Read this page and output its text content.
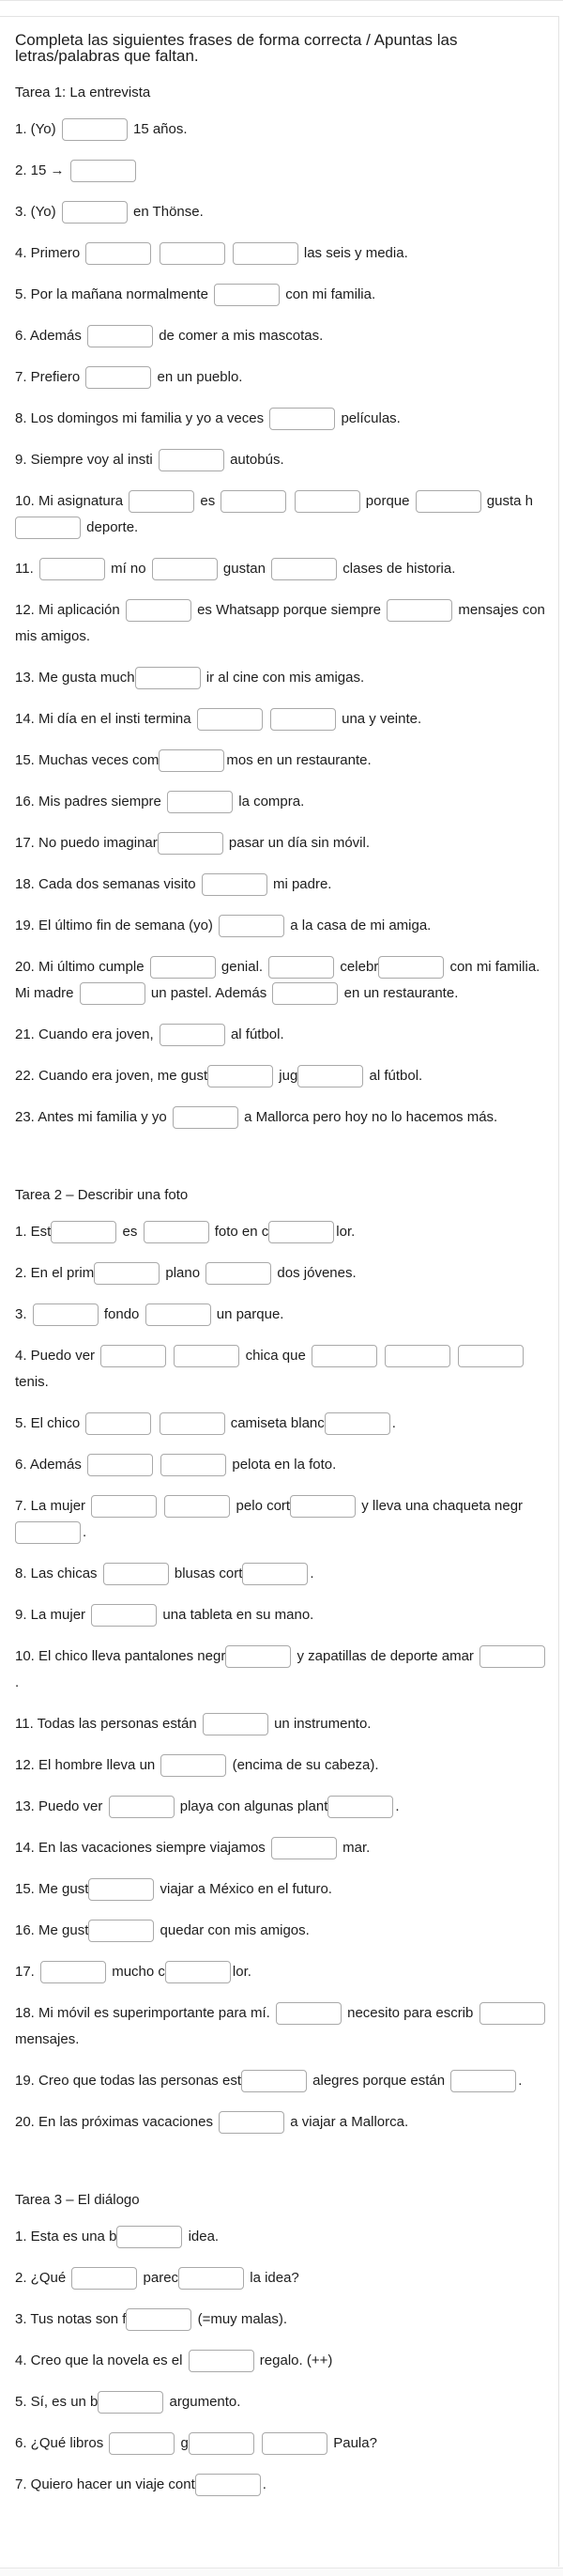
Completa las siguientes frases de forma correcta / Apuntas las letras/palabras que faltan.
Tarea 1: La entrevista
1. (Yo)	15 años.
2. 15 →
3. (Yo)	en Thönse.
4. Primero	las seis y media.
5. Por la mañana normalmente	con mi familia.
6. Además	de comer a mis mascotas.
7. Prefiero	en un pueblo.
8. Los domingos mi familia y yo a veces	películas.
9. Siempre voy al insti	autobús.
10. Mi asignatura	es	porque	gusta h deporte.
11.	mí no	gustan	clases de historia.
12. Mi aplicación	es Whatsapp porque siempre	mensajes con mis amigos.
13. Me gusta much	ir al cine con mis amigas.
14. Mi día en el insti termina	una y veinte.
15. Muchas veces com	mos en un restaurante.
16. Mis padres siempre	la compra.
17. No puedo imaginar	pasar un día sin móvil.
18. Cada dos semanas visito	mi padre.
19. El último fin de semana (yo)	a la casa de mi amiga.
20. Mi último cumple	genial.	celebr	con mi familia. Mi madre	un pastel. Además	en un restaurante.
21. Cuando era joven,	al fútbol.
22. Cuando era joven, me gust	jug	al fútbol.
23. Antes mi familia y yo	a Mallorca pero hoy no lo hacemos más.
Tarea 2 – Describir una foto
1. Est	es	foto en c	lor.
2. En el prim	plano	dos jóvenes.
3.	fondo	un parque.
4. Puedo ver	chica que    tenis.
5. El chico	camiseta blanc	.
6. Además	pelota en la foto.
7. La mujer	pelo cort	y lleva una chaqueta negr.
8. Las chicas	blusas cort	.
9. La mujer	una tableta en su mano.
10. El chico lleva pantalones negr	y zapatillas de deporte amar .
11. Todas las personas están	un instrumento.
12. El hombre lleva un	(encima de su cabeza).
13. Puedo ver	playa con algunas plant	.
14. En las vacaciones siempre viajamos	mar.
15. Me gust	viajar a México en el futuro.
16. Me gust	quedar con mis amigos.
17.	mucho c	lor.
18. Mi móvil es superimportante para mí.	necesito para escrib  mensajes.
19. Creo que todas las personas est	alegres porque están	.
20. En las próximas vacaciones	a viajar a Mallorca.
Tarea 3 – El diálogo
1. Esta es una b	idea.
2. ¿Qué	parec	la idea?
3. Tus notas son f	(=muy malas).
4. Creo que la novela es el	regalo. (++)
5. Sí, es un b	argumento.
6. ¿Qué libros	g	Paula?
7. Quiero hacer un viaje cont	.
